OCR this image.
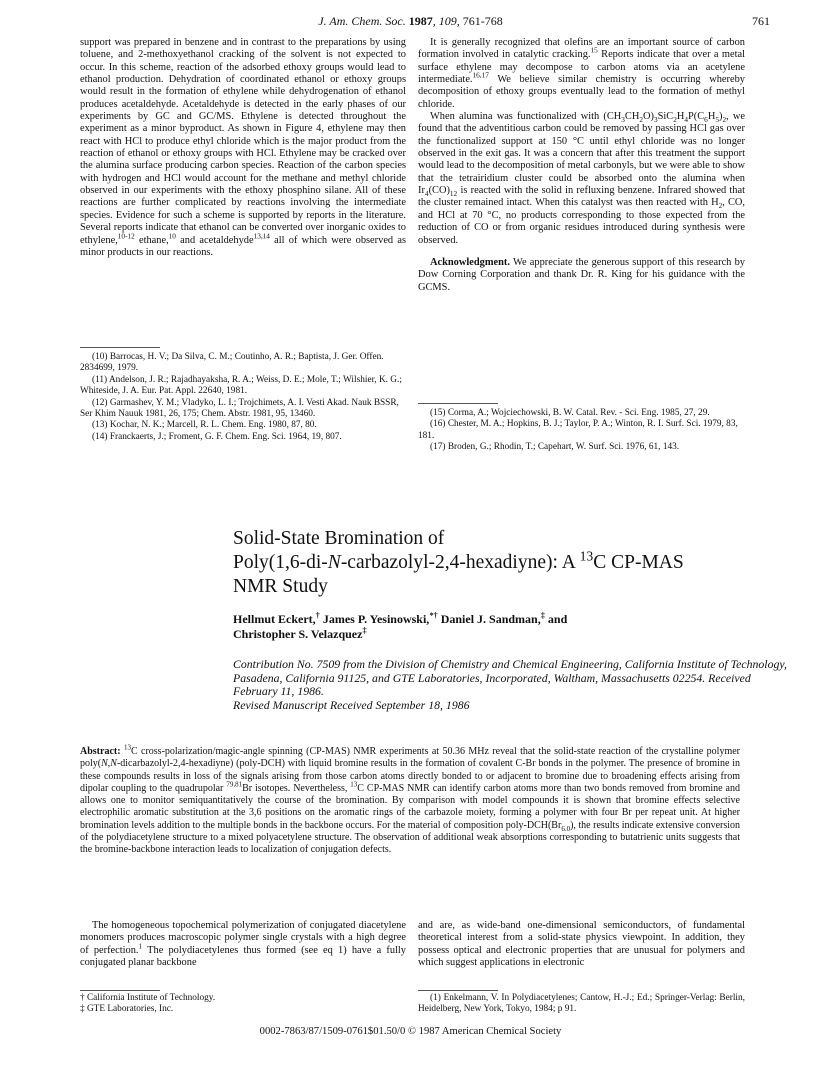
J. Am. Chem. Soc. 1987, 109, 761-768	761

support was prepared in benzene and in contrast to the preparations by using toluene, and 2-methoxyethanol cracking of the solvent is not expected to occur. In this scheme, reaction of the adsorbed ethoxy groups would lead to ethanol production. Dehydration of coordinated ethanol or ethoxy groups would result in the formation of ethylene while dehydrogenation of ethanol produces acetaldehyde. Acetaldehyde is detected in the early phases of our experiments by GC and GC/MS. Ethylene is detected throughout the experiment as a minor byproduct. As shown in Figure 4, ethylene may then react with HCl to produce ethyl chloride which is the major product from the reaction of ethanol or ethoxy groups with HCl. Ethylene may be cracked over the alumina surface producing carbon species. Reaction of the carbon species with hydrogen and HCl would account for the methane and methyl chloride observed in our experiments with the ethoxy phosphino silane. All of these reactions are further complicated by reactions involving the intermediate species. Evidence for such a scheme is supported by reports in the literature. Several reports indicate that ethanol can be converted over inorganic oxides to ethylene,$^{10-12}$ ethane,$^{10}$ and acetaldehyde$^{13,14}$ all of which were observed as minor products in our reactions.

(10) Barrocas, H. V.; Da Silva, C. M.; Coutinho, A. R.; Baptista, J. Ger. Offen. 2834699, 1979.
(11) Andelson, J. R.; Rajadhayaksha, R. A.; Weiss, D. E.; Mole, T.; Wilshier, K. G.; Whiteside, J. A. Eur. Pat. Appl. 22640, 1981.
(12) Garmashev, Y. M.; Vladyko, L. I.; Trojchimets, A. I. Vesti Akad. Nauk BSSR, Ser Khim Nauuk 1981, 26, 175; Chem. Abstr. 1981, 95, 13460.
(13) Kochar, N. K.; Marcell, R. L. Chem. Eng. 1980, 87, 80.
(14) Franckaerts, J.; Froment, G. F. Chem. Eng. Sci. 1964, 19, 807.

It is generally recognized that olefins are an important source of carbon formation involved in catalytic cracking.$^{15}$ Reports indicate that over a metal surface ethylene may decompose to carbon atoms via an acetylene intermediate.$^{16,17}$ We believe similar chemistry is occurring whereby decomposition of ethoxy groups eventually lead to the formation of methyl chloride.

When alumina was functionalized with $(CH_3CH_2O)_3SiC_2H_4P(C_6H_5)_2$, we found that the adventitious carbon could be removed by passing HCl gas over the functionalized support at 150 °C until ethyl chloride was no longer observed in the exit gas. It was a concern that after this treatment the support would lead to the decomposition of metal carbonyls, but we were able to show that the tetrairidium cluster could be absorbed onto the alumina when $Ir_4(CO)_{12}$ is reacted with the solid in refluxing benzene. Infrared showed that the cluster remained intact. When this catalyst was then reacted with $H_2$, CO, and HCl at 70 °C, no products corresponding to those expected from the reduction of CO or from organic residues introduced during synthesis were observed.

Acknowledgment. We appreciate the generous support of this research by Dow Corning Corporation and thank Dr. R. King for his guidance with the GCMS.

(15) Corma, A.; Wojciechowski, B. W. Catal. Rev. - Sci. Eng. 1985, 27, 29.
(16) Chester, M. A.; Hopkins, B. J.; Taylor, P. A.; Winton, R. I. Surf. Sci. 1979, 83, 181.
(17) Broden, G.; Rhodin, T.; Capehart, W. Surf. Sci. 1976, 61, 143.
Solid-State Bromination of
Poly(1,6-di-N-carbazolyl-2,4-hexadiyne): A $^{13}$C CP-MAS
NMR Study
Hellmut Eckert,† James P. Yesinowski,*† Daniel J. Sandman,‡ and
Christopher S. Velazquez‡
Contribution No. 7509 from the Division of Chemistry and Chemical Engineering, California Institute of Technology, Pasadena, California 91125, and GTE Laboratories, Incorporated, Waltham, Massachusetts 02254. Received February 11, 1986.
Revised Manuscript Received September 18, 1986
Abstract: $^{13}$C cross-polarization/magic-angle spinning (CP-MAS) NMR experiments at 50.36 MHz reveal that the solid-state reaction of the crystalline polymer poly(N,N-dicarbazolyl-2,4-hexadiyne) (poly-DCH) with liquid bromine results in the formation of covalent C-Br bonds in the polymer. The presence of bromine in these compounds results in loss of the signals arising from those carbon atoms directly bonded to or adjacent to bromine due to broadening effects arising from dipolar coupling to the quadrupolar $^{79,81}$Br isotopes. Nevertheless, $^{13}$C CP-MAS NMR can identify carbon atoms more than two bonds removed from bromine and allows one to monitor semiquantitatively the course of the bromination. By comparison with model compounds it is shown that bromine effects selective electrophilic aromatic substitution at the 3,6 positions on the aromatic rings of the carbazole moiety, forming a polymer with four Br per repeat unit. At higher bromination levels addition to the multiple bonds in the backbone occurs. For the material of composition poly-$DCH(Br_{6.0})$, the results indicate extensive conversion of the polydiacetylene structure to a mixed polyacetylene structure. The observation of additional weak absorptions corresponding to butatrienic units suggests that the bromine-backbone interaction leads to localization of conjugation defects.

The homogeneous topochemical polymerization of conjugated diacetylene monomers produces macroscopic polymer single crystals with a high degree of perfection.$^1$ The polydiacetylenes thus formed (see eq 1) have a fully conjugated planar backbone

and are, as wide-band one-dimensional semiconductors, of fundamental theoretical interest from a solid-state physics viewpoint. In addition, they possess optical and electronic properties that are unusual for polymers and which suggest applications in electronic

† California Institute of Technology.
‡ GTE Laboratories, Inc.
(1) Enkelmann, V. In Polydiacetylenes; Cantow, H.-J.; Ed.; Springer-Verlag: Berlin, Heidelberg, New York, Tokyo, 1984; p 91.
0002-7863/87/1509-0761$01.50/0 © 1987 American Chemical Society
